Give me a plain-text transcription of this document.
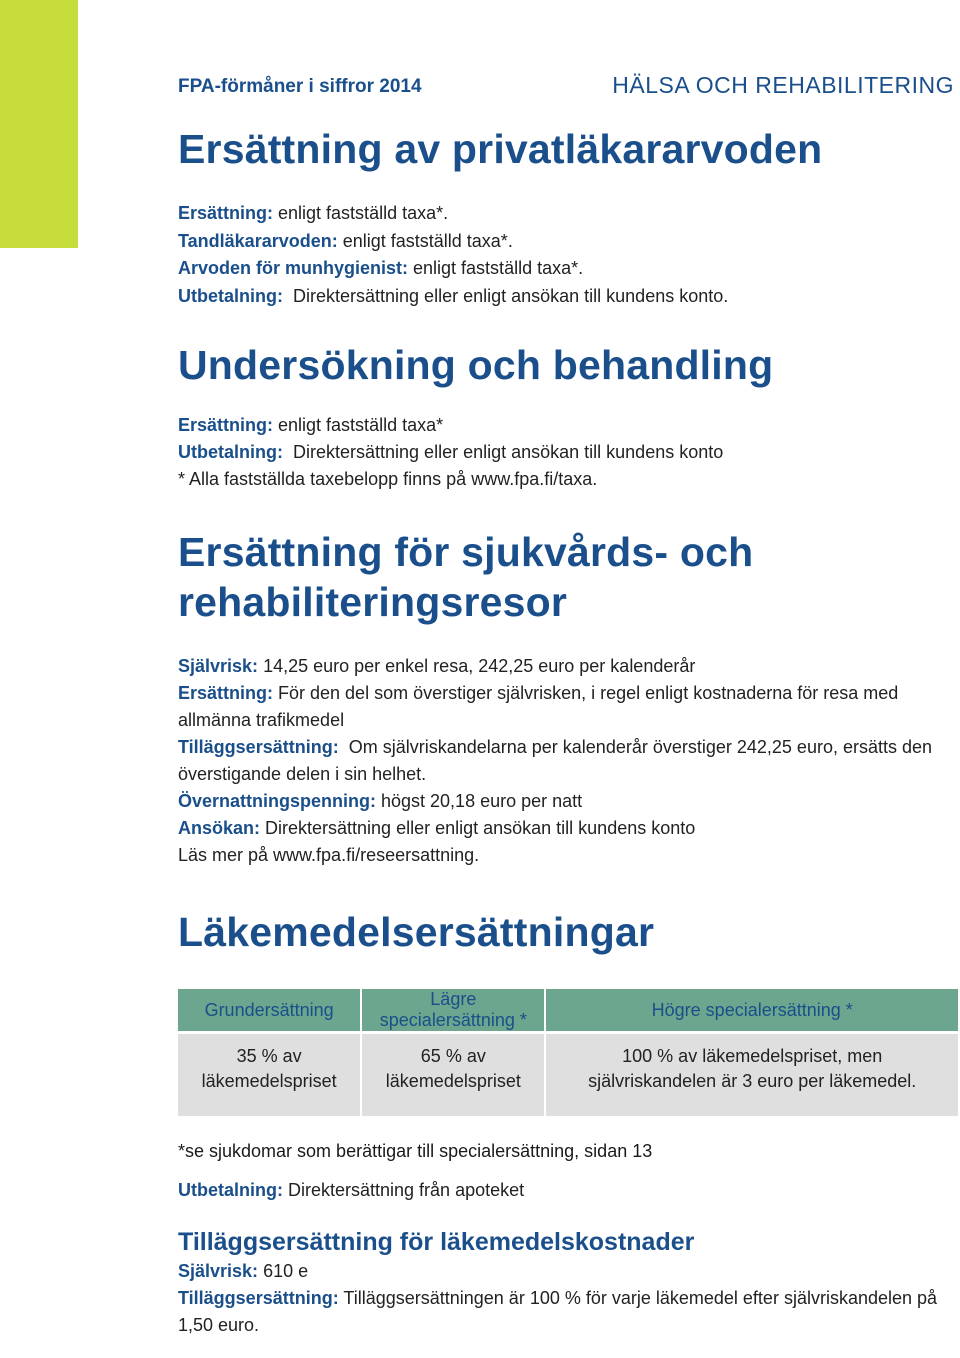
FPA-förmåner i siffror 2014	HÄLSA OCH REHABILITERING
Ersättning av privatläkararvoden
Ersättning: enligt fastställd taxa*.
Tandläkararvoden: enligt fastställd taxa*.
Arvoden för munhygienist: enligt fastställd taxa*.
Utbetalning:  Direktersättning eller enligt ansökan till kundens konto.
Undersökning och behandling
Ersättning: enligt fastställd taxa*
Utbetalning:  Direktersättning eller enligt ansökan till kundens konto
* Alla fastställda taxebelopp finns på www.fpa.fi/taxa.
Ersättning för sjukvårds- och
rehabiliteringsresor
Självrisk: 14,25 euro per enkel resa, 242,25 euro per kalenderår
Ersättning: För den del som överstiger självrisken, i regel enligt kostnaderna för resa med allmänna trafikmedel
Tilläggsersättning:  Om självriskandelarna per kalenderår överstiger 242,25 euro, ersätts den överstigande delen i sin helhet.
Övernattningspenning: högst 20,18 euro per natt
Ansökan: Direktersättning eller enligt ansökan till kundens konto
Läs mer på www.fpa.fi/reseersattning.
Läkemedelsersättningar
Grundersättning	Lägre specialersättning *	Högre specialersättning *
35 % av läkemedelspriset	65 % av läkemedelspriset	100 % av läkemedelspriset, men självriskandelen är 3 euro per läkemedel.
*se sjukdomar som berättigar till specialersättning, sidan 13
Utbetalning: Direktersättning från apoteket
Tilläggsersättning för läkemedelskostnader
Självrisk: 610 e
Tilläggsersättning: Tilläggsersättningen är 100 % för varje läkemedel efter självriskandelen på 1,50 euro.
